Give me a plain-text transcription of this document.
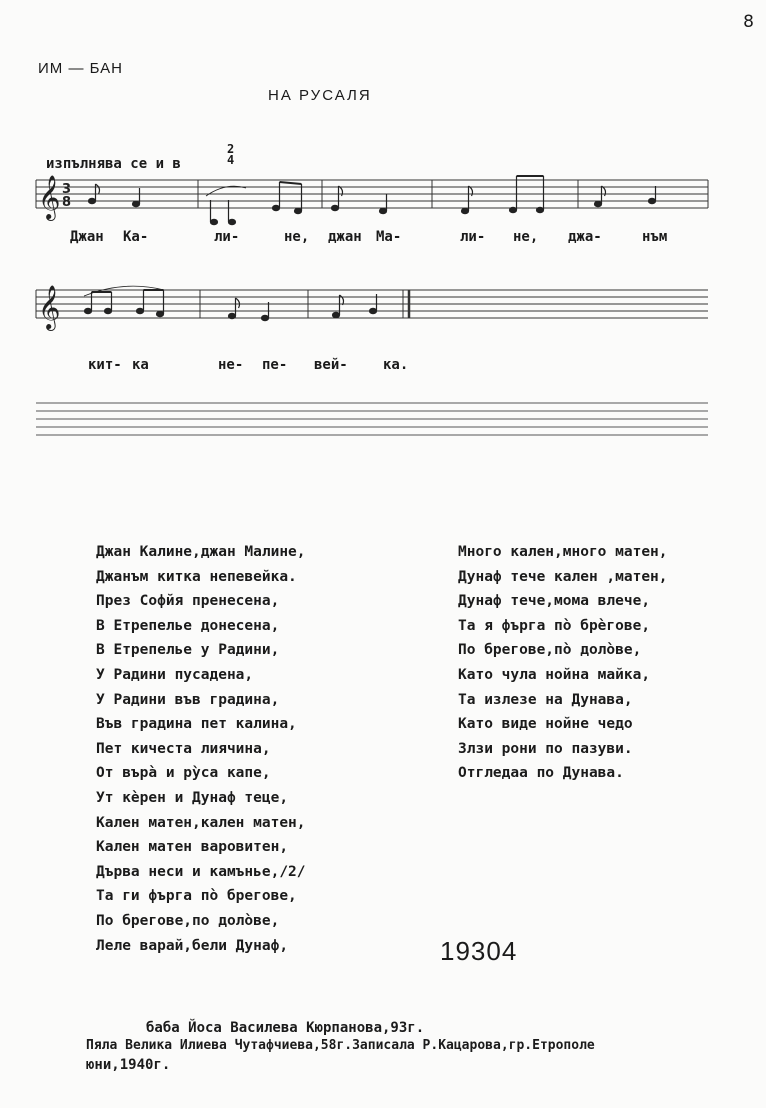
8
ИМ — БАН
НА РУСАЛЯ
изпълнява се и в
2
4
𝄞 3
8
𝄞
Джан Ка-	ли-	не, джан Ма-	ли- не, джа-	нъм
кит- ка	не- пе- вей-	ка.
Джан Калине,джан Малине,
Джанъм китка непевейка.
През Софйя пренесена,
В Етрепелье донесена,
В Етрепелье у Радини,
У Радини пусадена,
У Радини във градина,
Във градина пет калина,
Пет кичеста лиячина,
От върà и рỳса капе,
Ут кèрен и Дунаф теце,
Кален матен,кален матен,
Кален матен варовитен,
Дърва неси и камъньe,/2/
Та ги фърга пò брегове,
По брегове,по долòве,
Леле варай,бели Дунаф,
Много кален,много матен,
Дунаф тече кален ,матен,
Дунаф тече,мома влече,
Та я фърга пò брèгове,
По брегове,пò долòве,
Като чула нойна майка,
Та излезе на Дунава,
Като виде нойне чедо
Злзи рони по пазуви.
Отгледаа по Дунава.
19304
баба Йоса Василева Кюрпанова,93г.
Пяла Велика Илиева Чутафчиева,58г.Записала Р.Кацарова,гр.Етрополе
юни,1940г.
